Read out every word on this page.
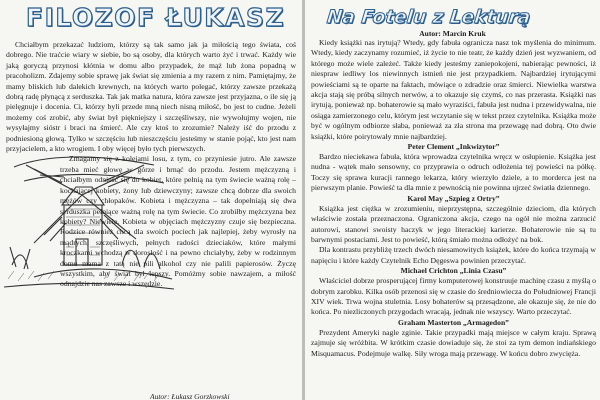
FILOZOF ŁUKASZ

Chciałbym przekazać ludziom, którzy są tak samo jak ja miłością tego świata, coś dobrego. Nie traćcie wiary w siebie, bo są osoby, dla których warto żyć i trwać. Każdy wie jaką goryczą przynosi kłótnia w domu albo przypadek, że mąż lub żona popadną w pracoholizm. Zdajemy sobie sprawę jak świat się zmienia a my razem z nim. Pamiętajmy, że mamy bliskich lub dalekich krewnych, na których warto polegać, którzy zawsze przekażą dobrą radę płynącą z serduszka. Tak jak matka natura, która zawsze jest przyjazna, o ile się ją pielęgnuje i docenia. Ci, którzy byli przede mną niech nisną miłość, bo jest to cudne. Jeżeli możemy coś zrobić, aby świat był piękniejszy i szczęśliwszy, nie wywołujmy wojen, nie wysyłajmy sióstr i braci na śmierć. Ale czy ktoś to zrozumie? Należy iść do przodu z podniesioną głową. Tylko w szczęściu lub nieszczęściu jesteśmy w stanie pojąć, kto jest nam przyjacielem, a kto wrogiem. I oby więcej było tych pierwszych.

Zmagamy się z kolejami losu, z tym, co przyniesie jutro. Ale zawsze trzeba mieć głowę w górze i brnąć do przodu. Jestem mężczyzną i chciałbym odnieść się do kobiet, które pełnią na tym świecie ważną rolę – kochającej kobiety, żony lub dziewczyny; zawsze chcą dobrze dla swoich mężów czy chłopaków. Kobieta i mężczyzna – tak dopełniają się dwa serduszka pełniące ważną rolę na tym świecie. Co zrobiłby mężczyzna bez kobiety? Niewiele. Kobieta w objęciach mężczyzny czuje się bezpieczna. Rodzice również chcą dla swoich pociech jak najlepiej, żeby wyrosły na mądrych, szczęśliwych, pełnych radości dzieciaków, które małymi kroczkami wchodzą w dorosłość i na pewno chciałyby, żeby w rodzinnym domu mama z tatą nie pili alkohol czy nie palili papierosów. Życzę wszystkim, aby świat był lepszy. Pomóżmy sobie nawzajem, a miłość odnajdzie nas zawsze i wszędzie.

Autor: Łukasz Gorzkowski
Na Fotelu z Lekturą
Autor: Marcin Kruk

Kiedy książki nas irytują? Wtedy, gdy fabuła ogranicza nasz tok myślenia do minimum. Wtedy, kiedy zaczynamy rozumieć, iż życie to nie teatr, że każdy dzień jest wyzwaniem, od którego może wiele zależeć. Także kiedy jesteśmy zaniepokojeni, nabierając pewności, iż niespraw iedliwy los niewinnych istnień nie jest przypadkiem. Najbardziej irytującymi powieściami są te oparte na faktach, mówiące o zdradzie oraz śmierci. Niewielka warstwa akcja stają się próbą silnych nerwów, a to okazuje się czymś, co nas przerasta. Książki nas irytują, ponieważ np. bohaterowie są mało wyraziści, fabuła jest nudna i przewidywalna, nie osiąga zamierzonego celu, którym jest wczytanie się w tekst przez czytelnika. Książka może być w ogólnym odbiorze słaba, ponieważ za zła strona ma przewagę nad dobrą. Oto dwie książki, które poirytowały mnie najbardziej.

Peter Clement „Inkwizytor”

Bardzo nieciekawa fabuła, która wprowadza czytelnika wręcz w osłupienie. Książka jest nudna - wątek mało sensowny, co przyprawia o odruch odłożenia tej powieści na półkę. Toczy się sprawa kuracji rannego lekarza, który wierzyło dziele, a to morderca jest na pierwszym planie. Powieść ta dla mnie z pewnością nie powinna ujrzeć światła dziennego.

Karol May „Szpieg z Ortry”

Książka jest ciężka w zrozumieniu, nieprzystępna, szczególnie dzieciom, dla których właściwie została przeznaczona. Ograniczona akcja, czego na ogół nie można zarzucić autorowi, stanowi swoisty haczyk w jego literackiej karierze. Bohaterowie nie są tu barwnymi postaciami. Jest to powieść, którą śmiało można odłożyć na bok.

Dla kontrastu przybliżę trzech dwóch niesamowitych książek, które do końca trzymają w napięciu i które każdy Czytelnik Echo Dęgeswa powinien przeczytać.

Michael Crichton „Linia Czasu”

Właściciel dobrze prosperującej firmy komputerowej konstruuje machinę czasu z myślą o dobrym zarobku. Kilka osób przenosi się w czasie do średniowiecza do Południowej Francji XIV wiek. Trwa wojna stuletnia. Losy bohaterów są przesądzone, ale okazuje się, że nie do końca. Po niezliczonych przygodach wracają, jednak nie wszyscy. Warto przeczytać.

Graham Masterton „Armagedon”

Prezydent Ameryki nagle zginie. Takie przypadki mają miejsce w całym kraju. Sprawą zajmuje się wróżbita. W krótkim czasie dowiaduje się, że stoi za tym demon indiańskiego Misquamacus. Podejmuje walkę. Siły wroga mają przewagę. W końcu dobro zwycięża.
